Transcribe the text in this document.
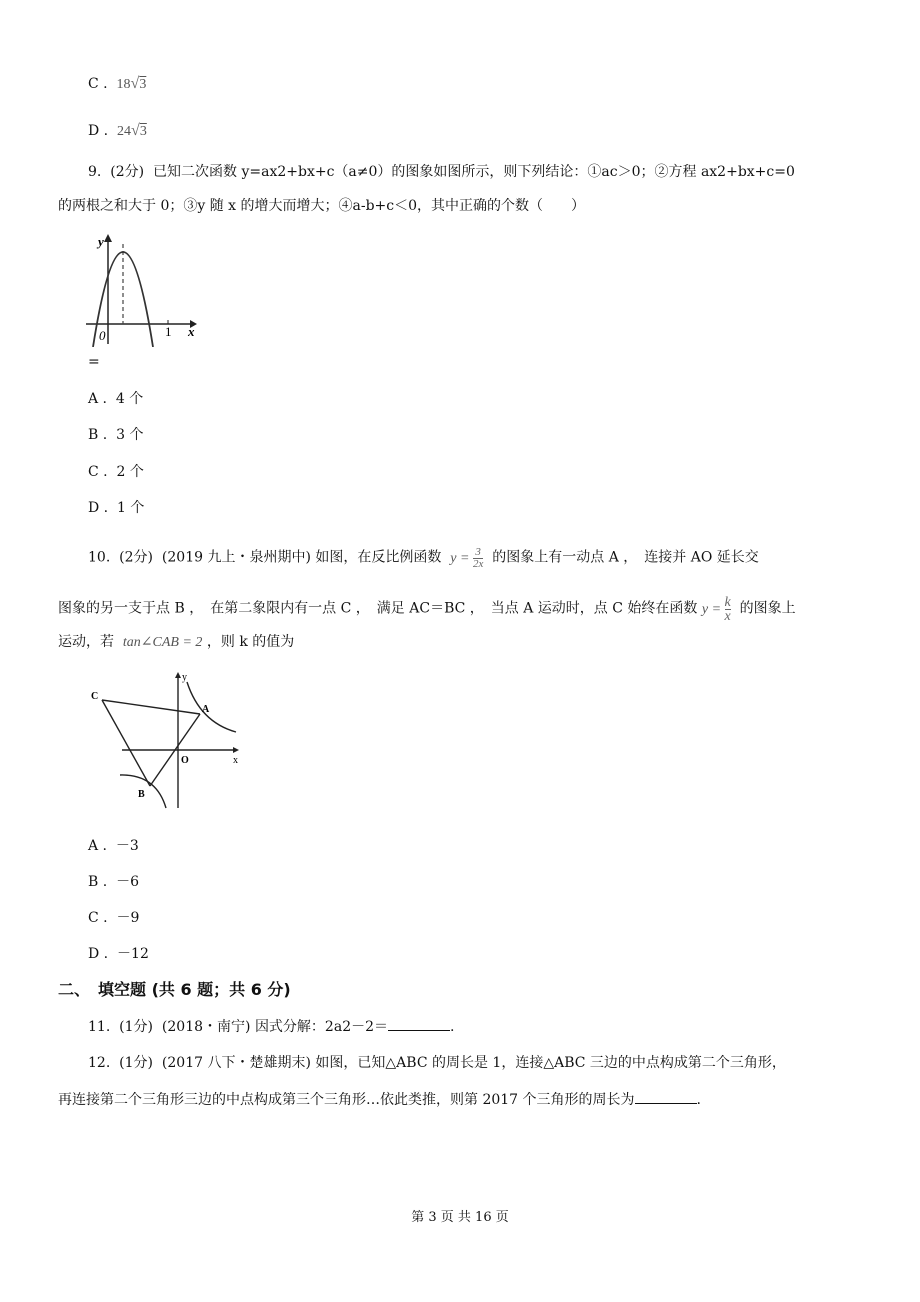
C . 18√3
D . 24√3
9. (2分) 已知二次函数 y=ax2+bx+c（a≠0）的图象如图所示，则下列结论：①ac＞0；②方程 ax2+bx+c=0
的两根之和大于 0；③y 随 x 的增大而增大；④a-b+c＜0，其中正确的个数（　　）
y
0	1 x
=
A . 4 个
B . 3 个
C . 2 个
D . 1 个
10. (2分) (2019 九上・泉州期中) 如图，在反比例函数 $y = \frac{3}{2x}$ 的图象上有一动点 A ，　连接并 AO 延长交
图象的另一支于点 B ，　在第二象限内有一点 C ，　满足 AC＝BC ，　当点 A 运动时，点 C 始终在函数 $y = \frac{k}{x}$ 的图象上
运动，若 tan∠CAB = 2 ，则 k 的值为
C
A
B
O	x
y
A . －3
B . －6
C . －9
D . －12
二、　填空题 (共 6 题；共 6 分)
11. (1分) (2018・南宁) 因式分解：2a2－2＝	.
12. (1分) (2017 八下・楚雄期末) 如图，已知△ABC 的周长是 1，连接△ABC 三边的中点构成第二个三角形，
再连接第二个三角形三边的中点构成第三个三角形…依此类推，则第 2017 个三角形的周长为	.
第 3 页 共 16 页
